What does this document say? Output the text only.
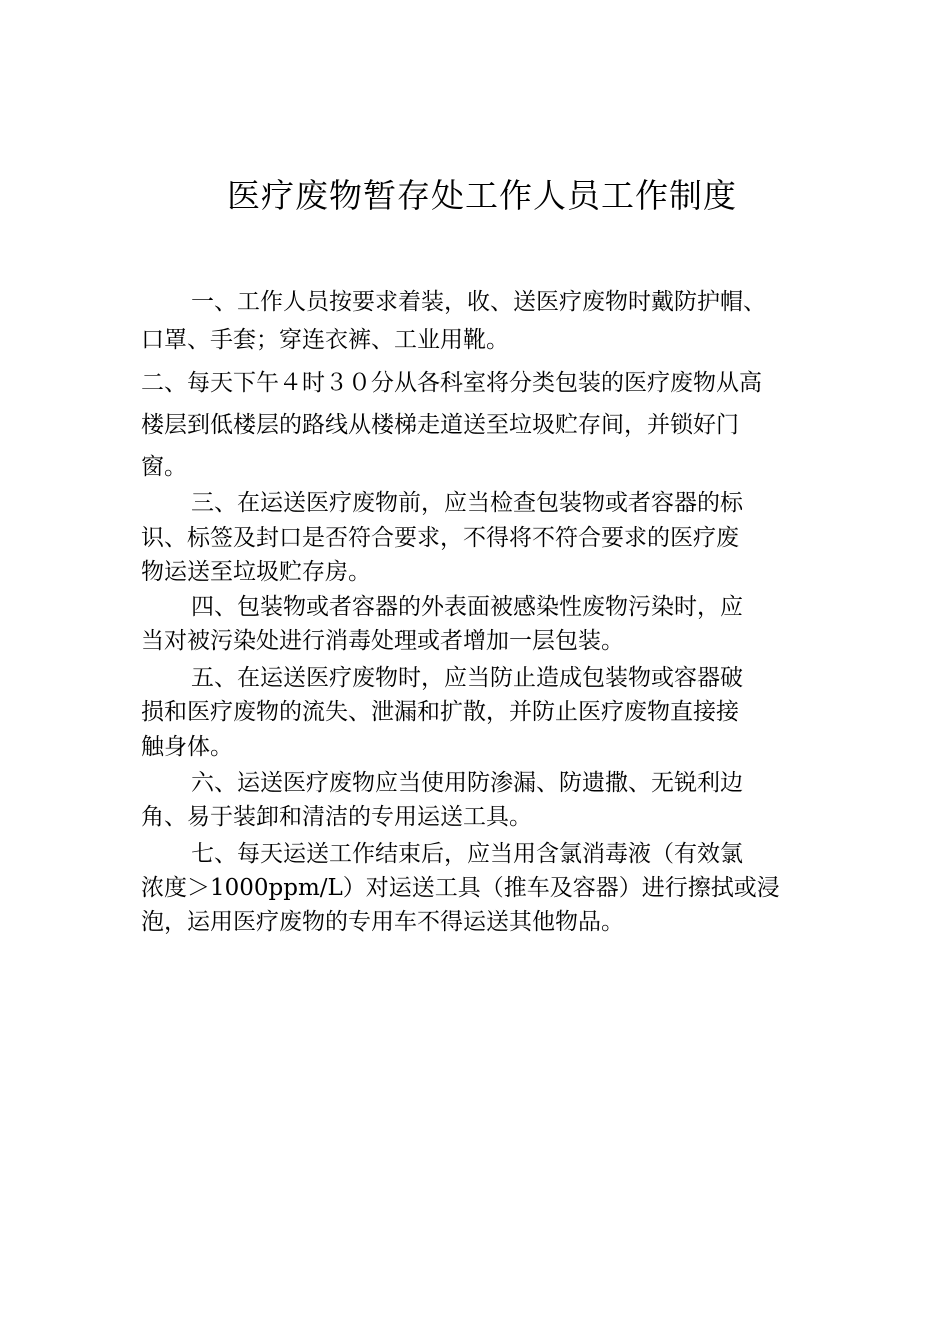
医疗废物暂存处工作人员工作制度
一、工作人员按要求着装，收、送医疗废物时戴防护帽、
口罩、手套；穿连衣裤、工业用靴。
二、每天下午４时３０分从各科室将分类包装的医疗废物从高
楼层到低楼层的路线从楼梯走道送至垃圾贮存间，并锁好门
窗。
三、在运送医疗废物前，应当检查包装物或者容器的标
识、标签及封口是否符合要求，不得将不符合要求的医疗废
物运送至垃圾贮存房。
四、包装物或者容器的外表面被感染性废物污染时，应
当对被污染处进行消毒处理或者增加一层包装。
五、在运送医疗废物时，应当防止造成包装物或容器破
损和医疗废物的流失、泄漏和扩散，并防止医疗废物直接接
触身体。
六、运送医疗废物应当使用防渗漏、防遗撒、无锐利边
角、易于装卸和清洁的专用运送工具。
七、每天运送工作结束后，应当用含氯消毒液（有效氯
浓度＞1000ppm/L）对运送工具（推车及容器）进行擦拭或浸
泡，运用医疗废物的专用车不得运送其他物品。
